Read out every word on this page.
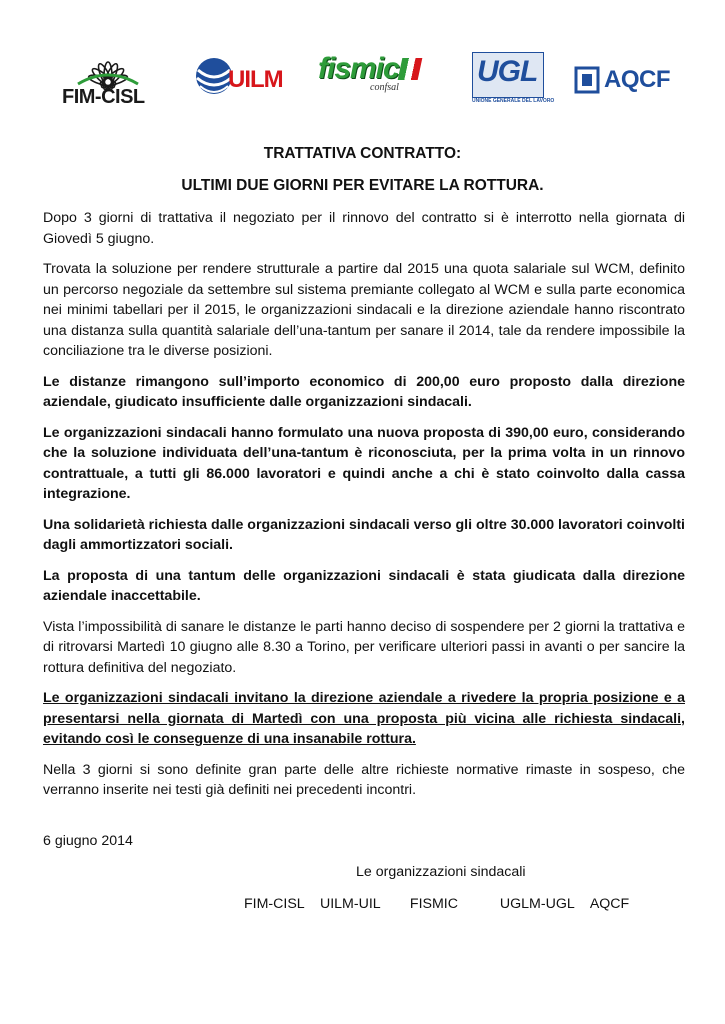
FIM-CISL
UILM fismic
confsal	UGL
UNIONE GENERALE DEL LAVORO
AQCF
TRATTATIVA CONTRATTO:
ULTIMI DUE GIORNI PER EVITARE LA ROTTURA.

Dopo 3 giorni di trattativa il negoziato per il rinnovo del contratto si è interrotto nella giornata di Giovedì 5 giugno.

Trovata la soluzione per rendere strutturale a partire dal 2015 una quota salariale sul WCM, definito un percorso negoziale da settembre sul sistema premiante collegato al WCM e sulla parte economica nei minimi tabellari per il 2015, le organizzazioni sindacali e la direzione aziendale hanno riscontrato una distanza sulla quantità salariale dell’una-tantum per sanare il 2014, tale da rendere impossibile la conciliazione tra le diverse posizioni.

Le distanze rimangono sull’importo economico di 200,00 euro proposto dalla direzione aziendale, giudicato insufficiente dalle organizzazioni sindacali.

Le organizzazioni sindacali hanno formulato una nuova proposta di 390,00 euro, considerando che la soluzione individuata dell’una-tantum è riconosciuta, per la prima volta in un rinnovo contrattuale, a tutti gli 86.000 lavoratori e quindi anche a chi è stato coinvolto dalla cassa integrazione.

Una solidarietà richiesta dalle organizzazioni sindacali verso gli oltre 30.000 lavoratori coinvolti dagli ammortizzatori sociali.

La proposta di una tantum delle organizzazioni sindacali è stata giudicata dalla direzione aziendale inaccettabile.

Vista l’impossibilità di sanare le distanze le parti hanno deciso di sospendere per 2 giorni la trattativa e di ritrovarsi Martedì 10 giugno alle 8.30 a Torino, per verificare ulteriori passi in avanti o per sancire la rottura definitiva del negoziato.

Le organizzazioni sindacali invitano la direzione aziendale a rivedere la propria posizione e a presentarsi nella giornata di Martedì con una proposta più vicina alle richiesta sindacali, evitando così le conseguenze di una insanabile rottura.

Nella 3 giorni si sono definite gran parte delle altre richieste normative rimaste in sospeso, che verranno inserite nei testi già definiti nei precedenti incontri.

6 giugno 2014
Le organizzazioni sindacali
FIM-CISL UILM-UIL FISMIC	UGLM-UGL AQCF
